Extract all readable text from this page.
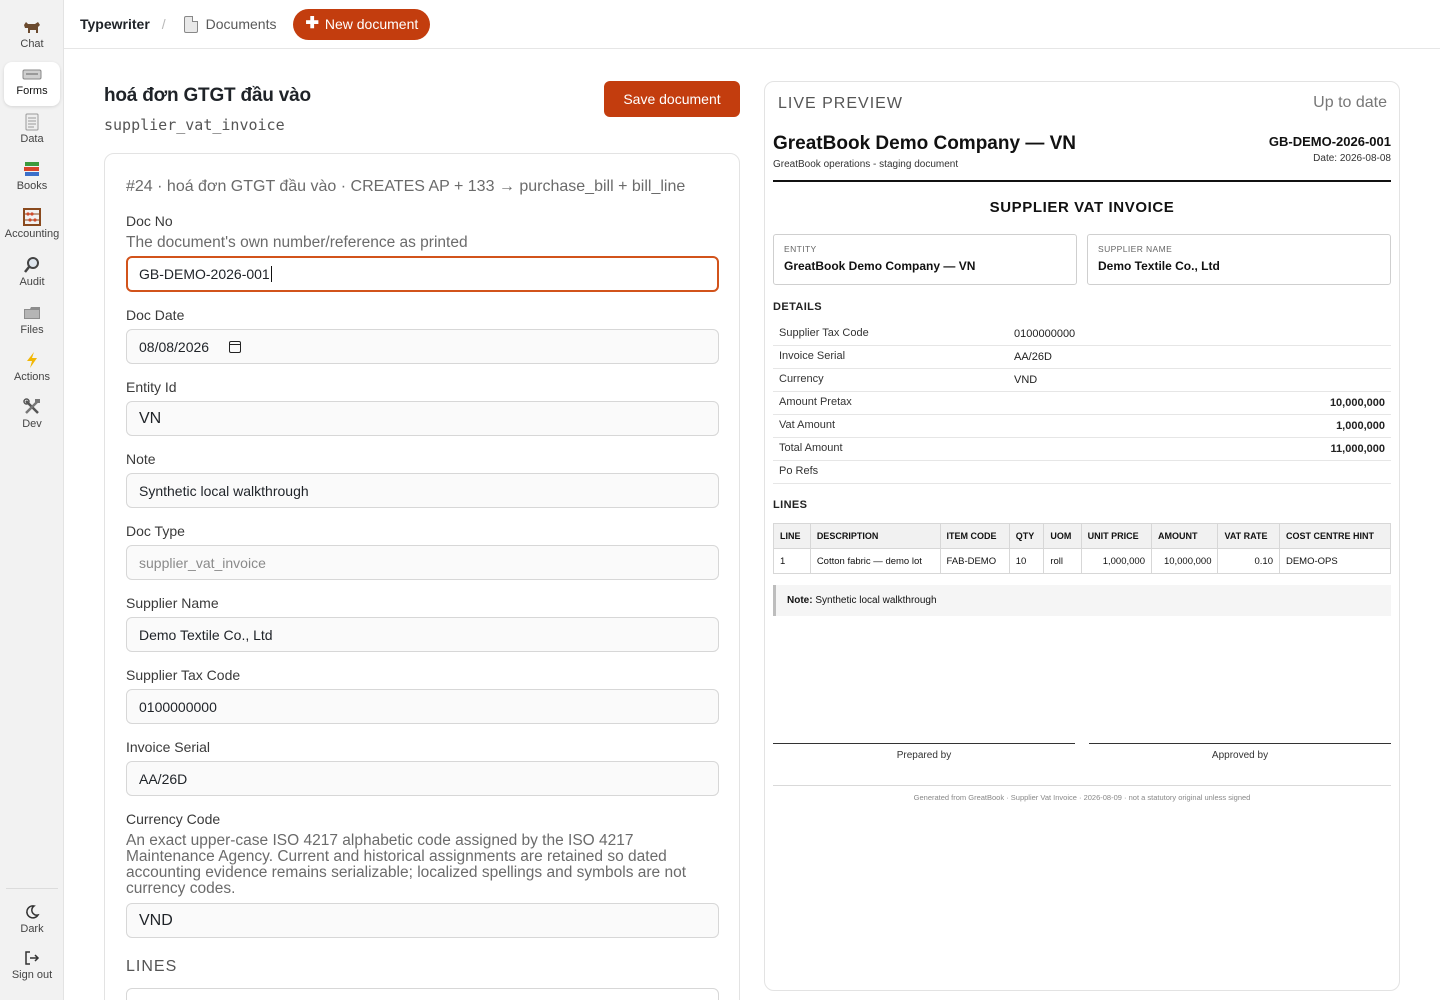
Chat
Forms
Data
Books
Accounting
Audit
Files
Actions
Dev
Dark
Sign out
Typewriter /	Documents ✚ New document
hoá đơn GTGT đầu vào
supplier_vat_invoice
Save document
#24 · hoá đơn GTGT đầu vào · CREATES AP + 133 → purchase_bill + bill_line
Doc No
The document's own number/reference as printed
GB-DEMO-2026-001
Doc Date
08/08/2026
Entity Id
VN
Note
Synthetic local walkthrough
Doc Type
supplier_vat_invoice
Supplier Name
Demo Textile Co., Ltd
Supplier Tax Code
0100000000
Invoice Serial
AA/26D
Currency Code
An exact upper-case ISO 4217 alphabetic code assigned by the ISO 4217 Maintenance Agency. Current and historical assignments are retained so dated accounting evidence remains serializable; localized spellings and symbols are not currency codes.
VND
LINES
LIVE PREVIEW	Up to date
GreatBook Demo Company — VN
GreatBook operations - staging document
GB-DEMO-2026-001
Date: 2026-08-08
SUPPLIER VAT INVOICE
ENTITY
GreatBook Demo Company — VN
SUPPLIER NAME
Demo Textile Co., Ltd
DETAILS
Supplier Tax Code	0100000000
Invoice Serial	AA/26D
Currency	VND
Amount Pretax	10,000,000
Vat Amount	1,000,000
Total Amount	11,000,000
Po Refs
LINES
LINE	DESCRIPTION	ITEM CODE	QTY	UOM	UNIT PRICE	AMOUNT	VAT RATE	COST CENTRE HINT
1	Cotton fabric — demo lot	FAB-DEMO	10	roll	1,000,000	10,000,000	0.10	DEMO-OPS
Note: Synthetic local walkthrough
Prepared by	Approved by
Generated from GreatBook · Supplier Vat Invoice · 2026-08-09 · not a statutory original unless signed
